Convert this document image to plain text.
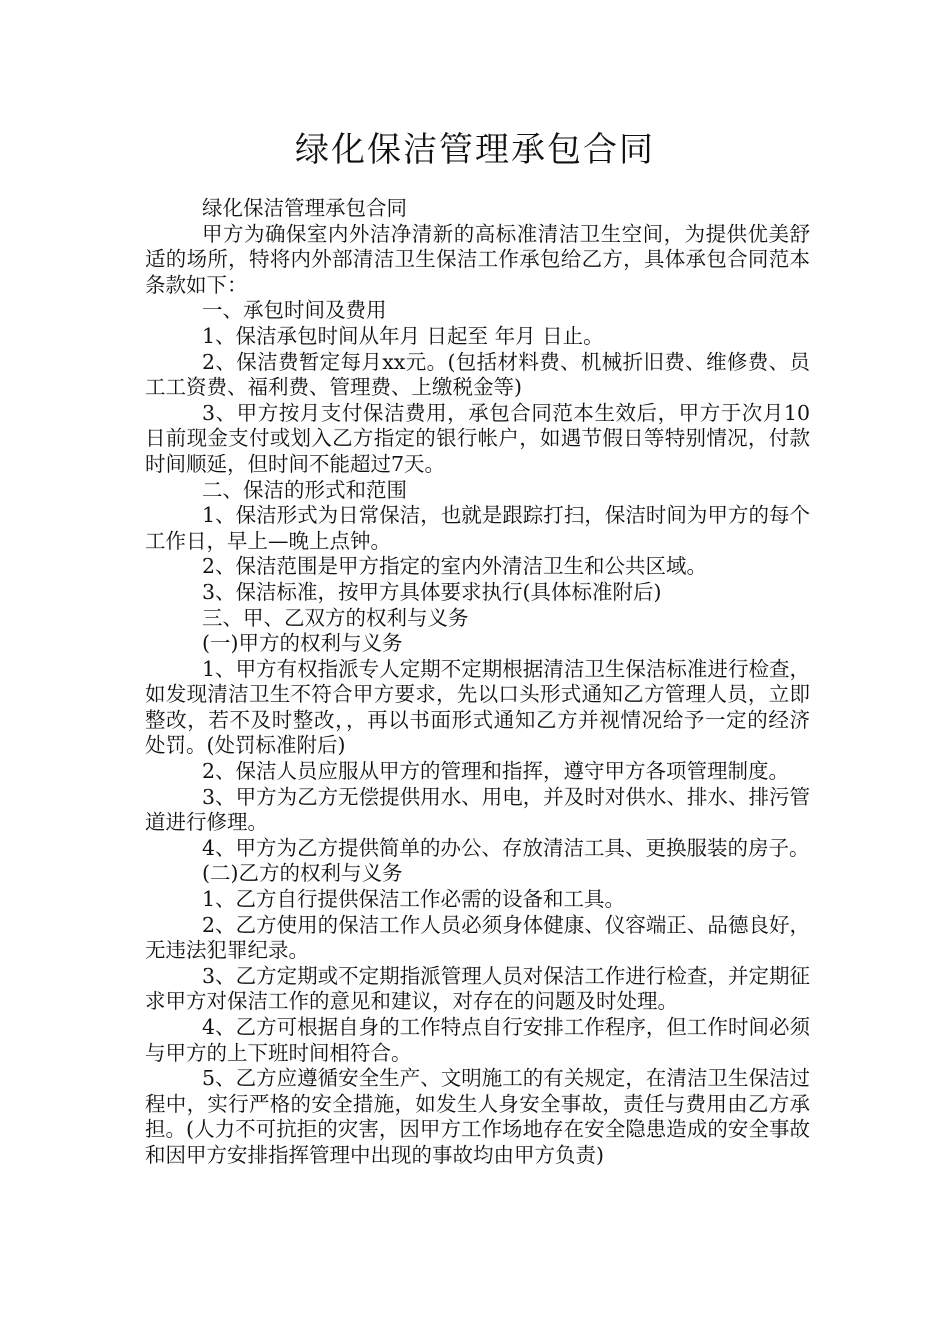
绿化保洁管理承包合同

绿化保洁管理承包合同

甲方为确保室内外洁净清新的高标准清洁卫生空间，为提供优美舒适的场所，特将内外部清洁卫生保洁工作承包给乙方，具体承包合同范本条款如下：

一、承包时间及费用

1、保洁承包时间从年月 日起至 年月 日止。

2、保洁费暂定每月xx元。(包括材料费、机械折旧费、维修费、员工工资费、福利费、管理费、上缴税金等)

3、甲方按月支付保洁费用，承包合同范本生效后，甲方于次月10日前现金支付或划入乙方指定的银行帐户，如遇节假日等特别情况，付款时间顺延，但时间不能超过7天。

二、保洁的形式和范围

1、保洁形式为日常保洁，也就是跟踪打扫，保洁时间为甲方的每个工作日，早上—晚上点钟。

2、保洁范围是甲方指定的室内外清洁卫生和公共区域。

3、保洁标准，按甲方具体要求执行(具体标准附后)

三、甲、乙双方的权利与义务

(一)甲方的权利与义务

1、甲方有权指派专人定期不定期根据清洁卫生保洁标准进行检查，如发现清洁卫生不符合甲方要求，先以口头形式通知乙方管理人员，立即整改，若不及时整改，，再以书面形式通知乙方并视情况给予一定的经济处罚。(处罚标准附后)

2、保洁人员应服从甲方的管理和指挥，遵守甲方各项管理制度。

3、甲方为乙方无偿提供用水、用电，并及时对供水、排水、排污管道进行修理。

4、甲方为乙方提供简单的办公、存放清洁工具、更换服装的房子。

(二)乙方的权利与义务

1、乙方自行提供保洁工作必需的设备和工具。

2、乙方使用的保洁工作人员必须身体健康、仪容端正、品德良好，无违法犯罪纪录。

3、乙方定期或不定期指派管理人员对保洁工作进行检查，并定期征求甲方对保洁工作的意见和建议，对存在的问题及时处理。

4、乙方可根据自身的工作特点自行安排工作程序，但工作时间必须与甲方的上下班时间相符合。

5、乙方应遵循安全生产、文明施工的有关规定，在清洁卫生保洁过程中，实行严格的安全措施，如发生人身安全事故，责任与费用由乙方承担。(人力不可抗拒的灾害，因甲方工作场地存在安全隐患造成的安全事故和因甲方安排指挥管理中出现的事故均由甲方负责)
